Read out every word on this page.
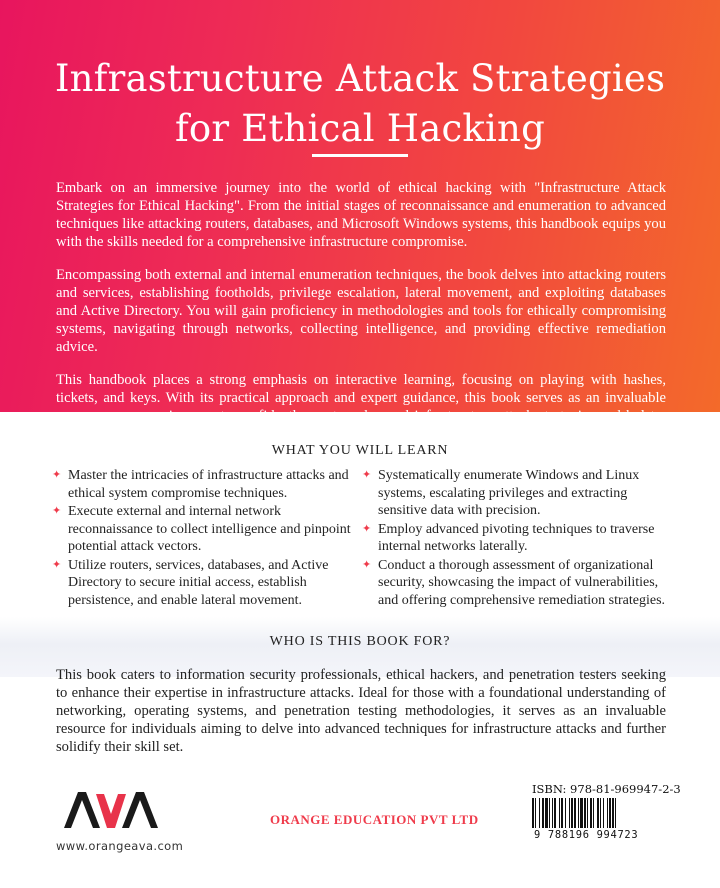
Infrastructure Attack Strategies
for Ethical Hacking

Embark on an immersive journey into the world of ethical hacking with "Infrastructure Attack Strategies for Ethical Hacking". From the initial stages of reconnaissance and enumeration to advanced techniques like attacking routers, databases, and Microsoft Windows systems, this handbook equips you with the skills needed for a comprehensive infrastructure compromise.

Encompassing both external and internal enumeration techniques, the book delves into attacking routers and services, establishing footholds, privilege escalation, lateral movement, and exploiting databases and Active Directory. You will gain proficiency in methodologies and tools for ethically compromising systems, navigating through networks, collecting intelligence, and providing effective remediation advice.

This handbook places a strong emphasis on interactive learning, focusing on playing with hashes, tickets, and keys. With its practical approach and expert guidance, this book serves as an invaluable resource, empowering you to confidently master advanced infrastructure attack strategies and bolster your cybersecurity expertise.

WHAT YOU WILL LEARN
✦ Master the intricacies of infrastructure attacks and ethical system compromise techniques.
✦ Execute external and internal network reconnaissance to collect intelligence and pinpoint potential attack vectors.
✦ Utilize routers, services, databases, and Active Directory to secure initial access, establish persistence, and enable lateral movement.
✦ Systematically enumerate Windows and Linux systems, escalating privileges and extracting sensitive data with precision.
✦ Employ advanced pivoting techniques to traverse internal networks laterally.
✦ Conduct a thorough assessment of organizational security, showcasing the impact of vulnerabilities, and offering comprehensive remediation strategies.
WHO IS THIS BOOK FOR?

This book caters to information security professionals, ethical hackers, and penetration testers seeking to enhance their expertise in infrastructure attacks. Ideal for those with a foundational understanding of networking, operating systems, and penetration testing methodologies, it serves as an invaluable resource for individuals aiming to delve into advanced techniques for infrastructure attacks and further solidify their skill set.

www.orangeava.com
ORANGE EDUCATION PVT LTD
ISBN: 978-81-969947-2-3
9 788196 994723
